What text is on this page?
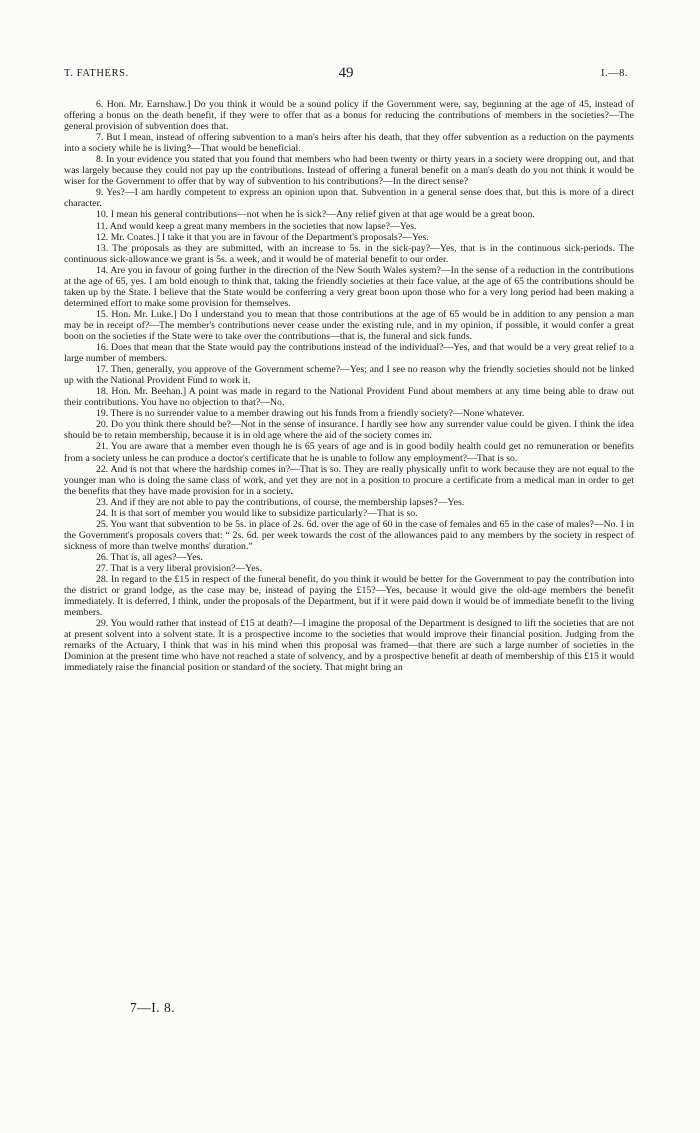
T. FATHERS.	49	I.—8.

6. Hon. Mr. Earnshaw.] Do you think it would be a sound policy if the Government were, say, beginning at the age of 45, instead of offering a bonus on the death benefit, if they were to offer that as a bonus for reducing the contributions of members in the societies?—The general provision of subvention does that.

7. But I mean, instead of offering subvention to a man's heirs after his death, that they offer subvention as a reduction on the payments into a society while he is living?—That would be beneficial.

8. In your evidence you stated that you found that members who had been twenty or thirty years in a society were dropping out, and that was largely because they could not pay up the contributions. Instead of offering a funeral benefit on a man's death do you not think it would be wiser for the Government to offer that by way of subvention to his contributions?—In the direct sense?

9. Yes?—I am hardly competent to express an opinion upon that. Subvention in a general sense does that, but this is more of a direct character.

10. I mean his general contributions—not when he is sick?—Any relief given at that age would be a great boon.

11. And would keep a great many members in the societies that now lapse?—Yes.

12. Mr. Coates.] I take it that you are in favour of the Department's proposals?—Yes.

13. The proposals as they are submitted, with an increase to 5s. in the sick-pay?—Yes, that is in the continuous sick-periods. The continuous sick-allowance we grant is 5s. a week, and it would be of material benefit to our order.

14. Are you in favour of going further in the direction of the New South Wales system?—In the sense of a reduction in the contributions at the age of 65, yes. I am bold enough to think that, taking the friendly societies at their face value, at the age of 65 the contributions should be taken up by the State. I believe that the State would be conferring a very great boon upon those who for a very long period had been making a determined effort to make some provision for themselves.

15. Hon. Mr. Luke.] Do I understand you to mean that those contributions at the age of 65 would be in addition to any pension a man may be in receipt of?—The member's contributions never cease under the existing rule, and in my opinion, if possible, it would confer a great boon on the societies if the State were to take over the contributions—that is, the funeral and sick funds.

16. Does that mean that the State would pay the contributions instead of the individual?—Yes, and that would be a very great relief to a large number of members.

17. Then, generally, you approve of the Government scheme?—Yes; and I see no reason why the friendly societies should not be linked up with the National Provident Fund to work it.

18. Hon. Mr. Beehan.] A point was made in regard to the National Provident Fund about members at any time being able to draw out their contributions. You have no objection to that?—No.

19. There is no surrender value to a member drawing out his funds from a friendly society?—None whatever.

20. Do you think there should be?—Not in the sense of insurance. I hardly see how any surrender value could be given. I think the idea should be to retain membership, because it is in old age where the aid of the society comes in.

21. You are aware that a member even though he is 65 years of age and is in good bodily health could get no remuneration or benefits from a society unless he can produce a doctor's certificate that he is unable to follow any employment?—That is so.

22. And is not that where the hardship comes in?—That is so. They are really physically unfit to work because they are not equal to the younger man who is doing the same class of work, and yet they are not in a position to procure a certificate from a medical man in order to get the benefits that they have made provision for in a society.

23. And if they are not able to pay the contributions, of course, the membership lapses?—Yes.

24. It is that sort of member you would like to subsidize particularly?—That is so.

25. You want that subvention to be 5s. in place of 2s. 6d. over the age of 60 in the case of females and 65 in the case of males?—No. I in the Government's proposals covers that: “ 2s. 6d. per week towards the cost of the allowances paid to any members by the society in respect of sickness of more than twelve months' duration.”

26. That is, all ages?—Yes.

27. That is a very liberal provision?—Yes.

28. In regard to the £15 in respect of the funeral benefit, do you think it would be better for the Government to pay the contribution into the district or grand lodge, as the case may be, instead of paying the £15?—Yes, because it would give the old-age members the benefit immediately. It is deferred, I think, under the proposals of the Department, but if it were paid down it would be of immediate benefit to the living members.

29. You would rather that instead of £15 at death?—I imagine the proposal of the Department is designed to lift the societies that are not at present solvent into a solvent state. It is a prospective income to the societies that would improve their financial position. Judging from the remarks of the Actuary, I think that was in his mind when this proposal was framed—that there are such a large number of societies in the Dominion at the present time who have not reached a state of solvency, and by a prospective benefit at death of membership of this £15 it would immediately raise the financial position or standard of the society. That might bring an

7—I. 8.
